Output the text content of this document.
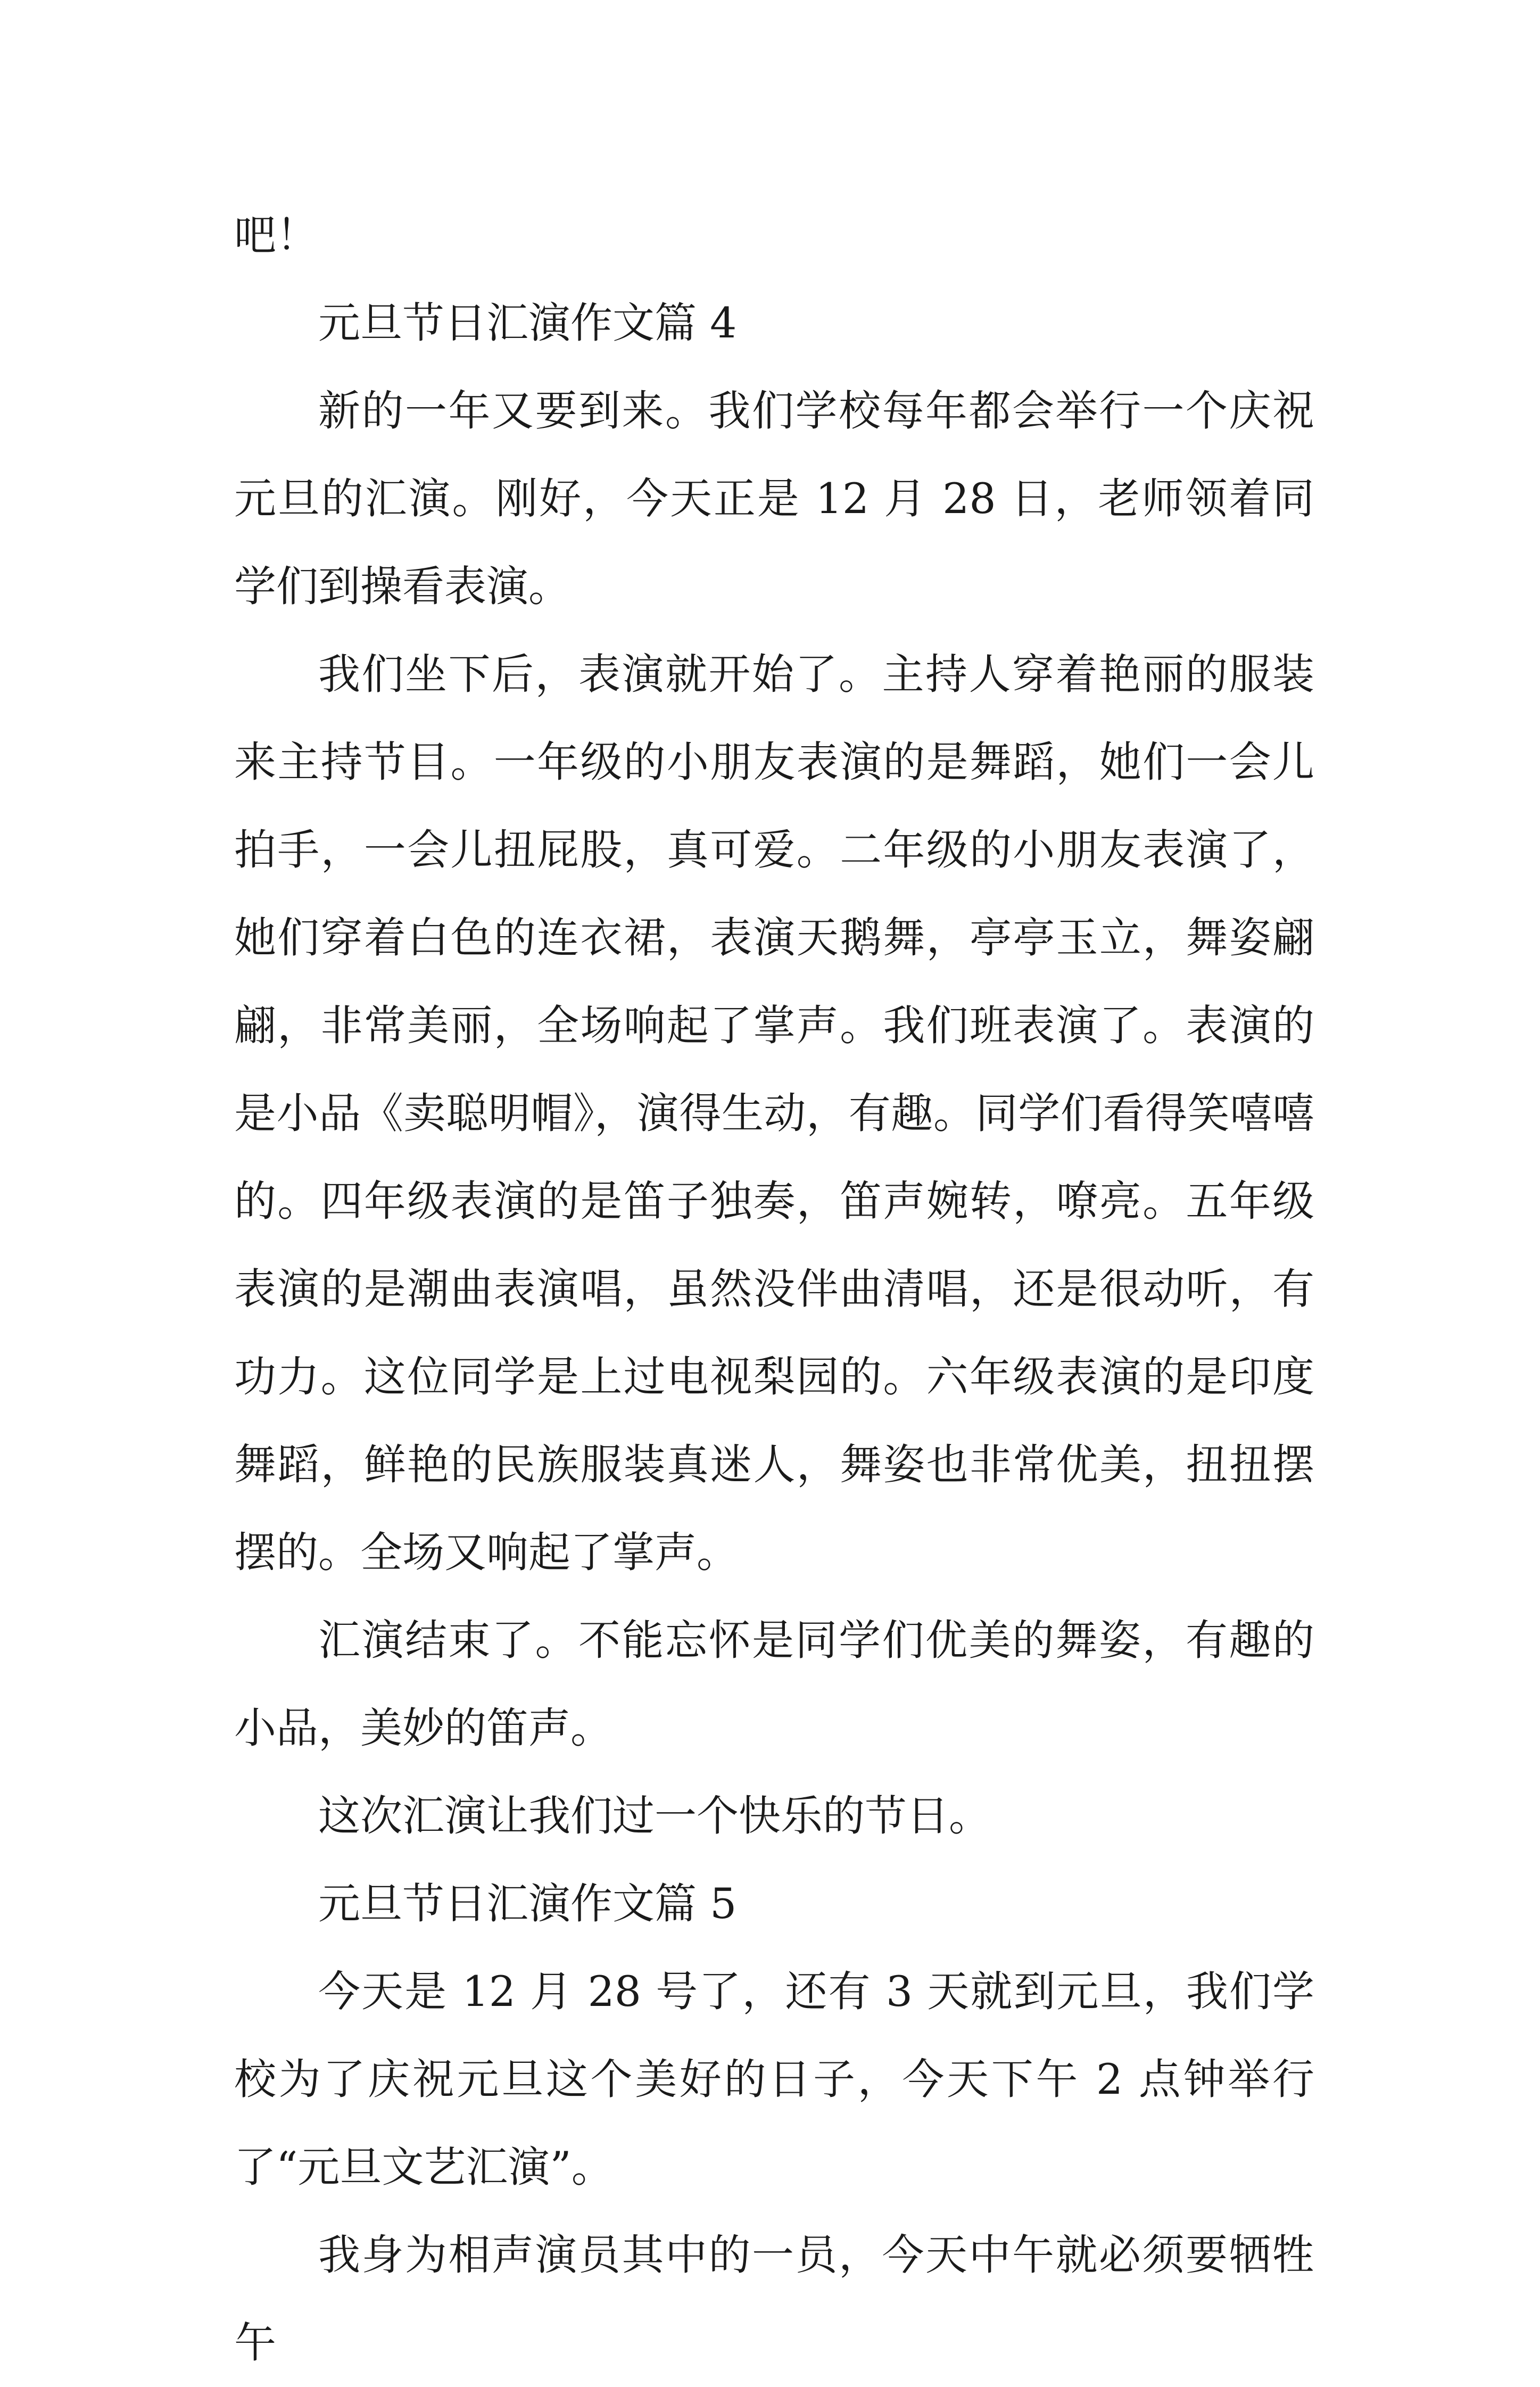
吧！

元旦节日汇演作文篇 4

新的一年又要到来。我们学校每年都会举行一个庆祝元旦的汇演。刚好，今天正是 12 月 28 日，老师领着同学们到操看表演。

我们坐下后，表演就开始了。主持人穿着艳丽的服装来主持节目。一年级的小朋友表演的是舞蹈，她们一会儿拍手，一会儿扭屁股，真可爱。二年级的小朋友表演了，她们穿着白色的连衣裙，表演天鹅舞，亭亭玉立，舞姿翩翩，非常美丽，全场响起了掌声。我们班表演了。表演的是小品《卖聪明帽》，演得生动，有趣。同学们看得笑嘻嘻的。四年级表演的是笛子独奏，笛声婉转，嘹亮。五年级表演的是潮曲表演唱，虽然没伴曲清唱，还是很动听，有功力。这位同学是上过电视梨园的。六年级表演的是印度舞蹈，鲜艳的民族服装真迷人，舞姿也非常优美，扭扭摆摆的。全场又响起了掌声。

汇演结束了。不能忘怀是同学们优美的舞姿，有趣的小品，美妙的笛声。

这次汇演让我们过一个快乐的节日。

元旦节日汇演作文篇 5

今天是 12 月 28 号了，还有 3 天就到元旦，我们学校为了庆祝元旦这个美好的日子，今天下午 2 点钟举行了“元旦文艺汇演”。

我身为相声演员其中的一员，今天中午就必须要牺牲午
